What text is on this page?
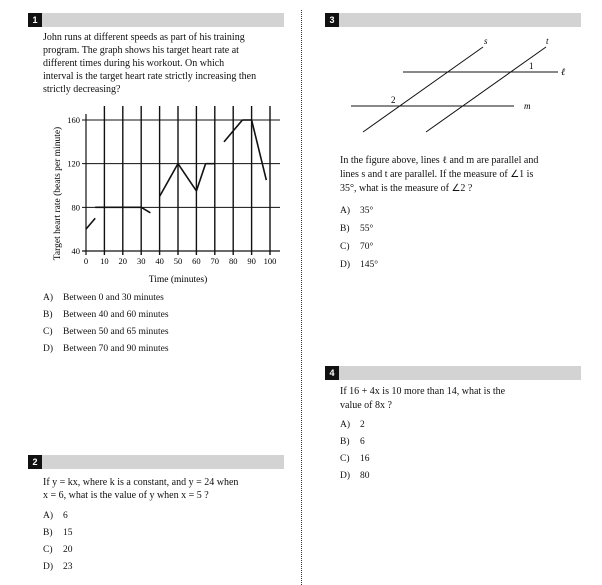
1
John runs at different speeds as part of his training
program. The graph shows his target heart rate at
different times during his workout. On which
interval is the target heart rate strictly increasing then
strictly decreasing?
40
80
120
160
0 10 20 30 40 50 60 70 80 90 100
Time (minutes)
Target heart rate (beats per minute)
A) Between 0 and 30 minutes
B) Between 40 and 60 minutes
C) Between 50 and 65 minutes
D) Between 70 and 90 minutes
2
If y = kx, where k is a constant, and y = 24 when
x = 6, what is the value of y when x = 5 ?
A) 6
B) 15
C) 20
D) 23
3
s	t
ℓ
m
1
2
In the figure above, lines ℓ and m are parallel and
lines s and t are parallel. If the measure of ∠1 is
35°, what is the measure of ∠2 ?
A) 35°
B) 55°
C) 70°
D) 145°
4
If 16 + 4x is 10 more than 14, what is the
value of 8x ?
A) 2
B) 6
C) 16
D) 80
